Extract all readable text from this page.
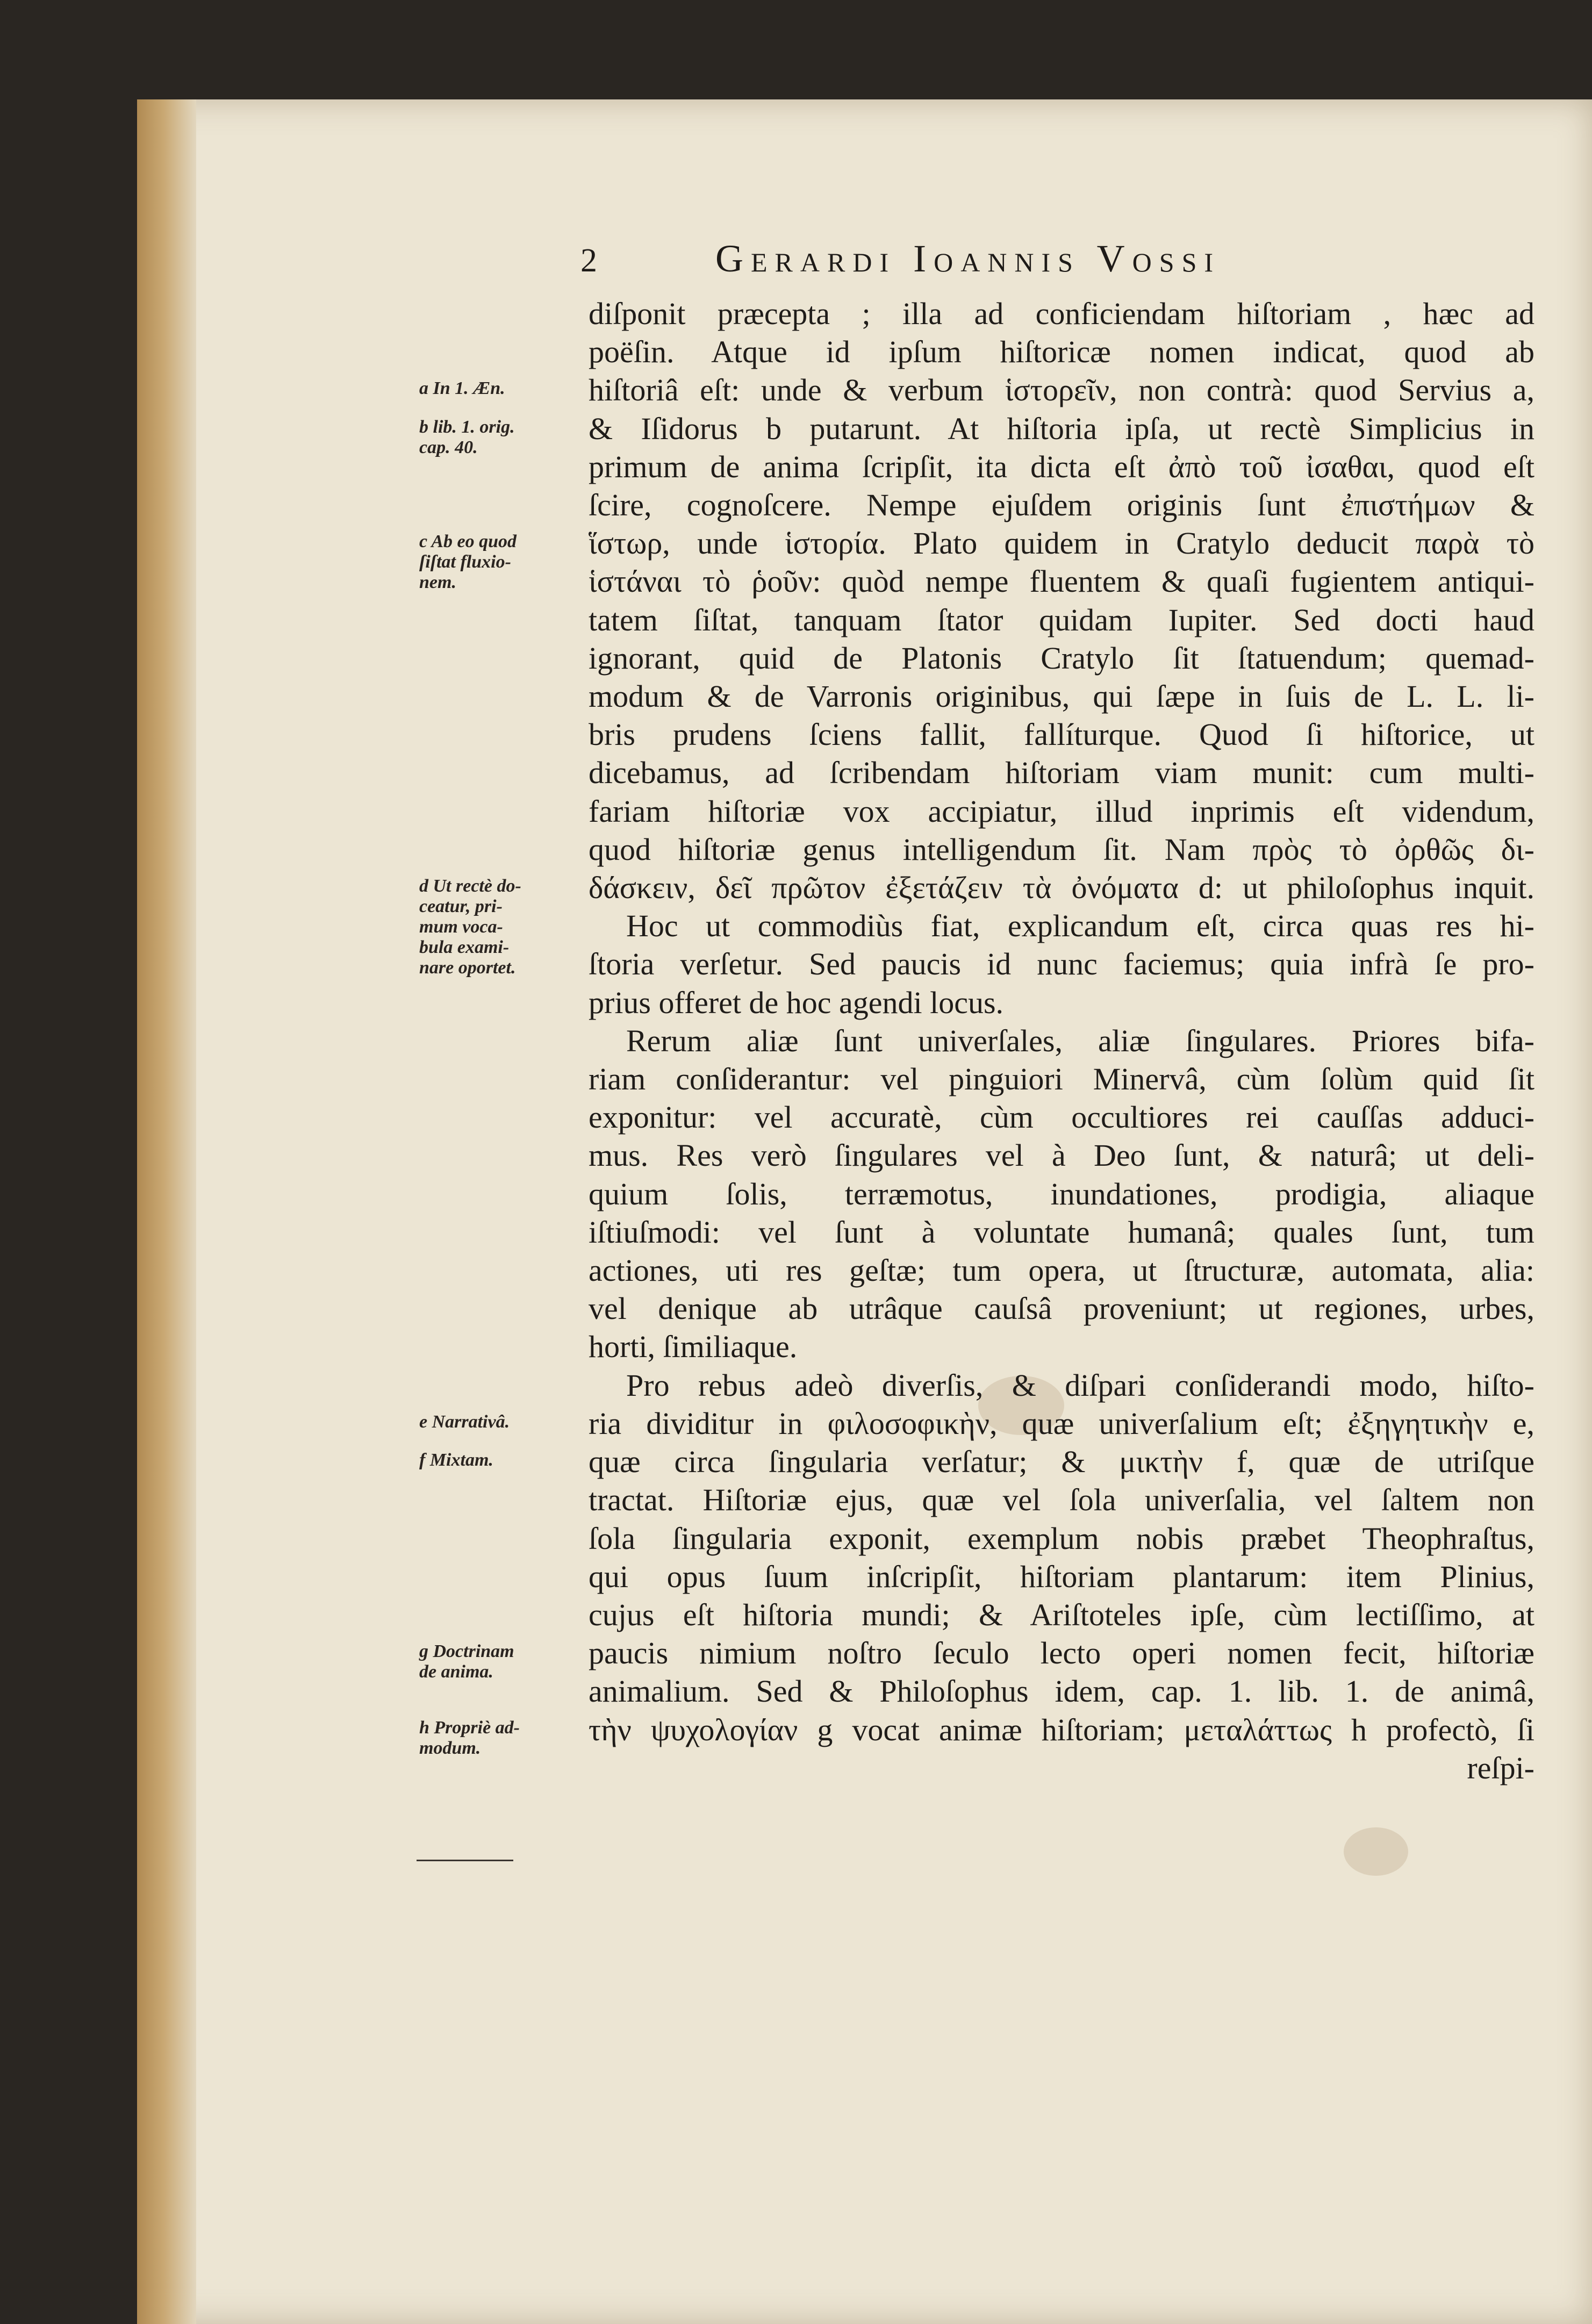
2	Gerardi Ioannis Vossi
a In 1. Æn.
b lib. 1. orig.
cap. 40.
c Ab eo quod
ſiſtat fluxio-
nem.
d Ut rectè do-
ceatur, pri-
mum voca-
bula exami-
nare oportet.
e Narrativâ.
f Mixtam.
g Doctrinam
de anima.
h Propriè ad-
modum.
diſponit præcepta ; illa ad conficiendam hiſtoriam , hæc ad
poëſin. Atque id ipſum hiſtoricæ nomen indicat, quod ab
hiſtoriâ eſt: unde & verbum ἱστορεῖν, non contrà: quod Servius a,
& Iſidorus b putarunt. At hiſtoria ipſa, ut rectè Simplicius in
primum de anima ſcripſit, ita dicta eſt ἀπὸ τοῦ ἰσαθαι, quod eſt
ſcire, cognoſcere. Nempe ejuſdem originis ſunt ἐπιστήμων &
ἵστωρ, unde ἱστορία. Plato quidem in Cratylo deducit παρὰ τὸ
ἱστάναι τὸ ῥοῦν: quòd nempe fluentem & quaſi fugientem antiqui-
tatem ſiſtat, tanquam ſtator quidam Iupiter. Sed docti haud
ignorant, quid de Platonis Cratylo ſit ſtatuendum; quemad-
modum & de Varronis originibus, qui ſæpe in ſuis de L. L. li-
bris prudens ſciens fallit, fallíturque. Quod ſi hiſtorice, ut
dicebamus, ad ſcribendam hiſtoriam viam munit: cum multi-
fariam hiſtoriæ vox accipiatur, illud inprimis eſt videndum,
quod hiſtoriæ genus intelligendum ſit. Nam πρὸς τὸ ὀρθῶς δι-
δάσκειν, δεῖ πρῶτον ἐξετάζειν τὰ ὀνόματα d: ut philoſophus inquit.
Hoc ut commodiùs fiat, explicandum eſt, circa quas res hi-
ſtoria verſetur. Sed paucis id nunc faciemus; quia infrà ſe pro-
prius offeret de hoc agendi locus.
Rerum aliæ ſunt univerſales, aliæ ſingulares. Priores bifa-
riam conſiderantur: vel pinguiori Minervâ, cùm ſolùm quid ſit
exponitur: vel accuratè, cùm occultiores rei cauſſas adduci-
mus. Res verò ſingulares vel à Deo ſunt, & naturâ; ut deli-
quium ſolis, terræmotus, inundationes, prodigia, aliaque
iſtiuſmodi: vel ſunt à voluntate humanâ; quales ſunt, tum
actiones, uti res geſtæ; tum opera, ut ſtructuræ, automata, alia:
vel denique ab utrâque cauſsâ proveniunt; ut regiones, urbes,
horti, ſimiliaque.
Pro rebus adeò diverſis, & diſpari conſiderandi modo, hiſto-
ria dividitur in φιλοσοφικὴν, quæ univerſalium eſt; ἐξηγητικὴν e,
quæ circa ſingularia verſatur; & μικτὴν f, quæ de utriſque
tractat. Hiſtoriæ ejus, quæ vel ſola univerſalia, vel ſaltem non
ſola ſingularia exponit, exemplum nobis præbet Theophraſtus,
qui opus ſuum inſcripſit, hiſtoriam plantarum: item Plinius,
cujus eſt hiſtoria mundi; & Ariſtoteles ipſe, cùm lectiſſimo, at
paucis nimium noſtro ſeculo lecto operi nomen fecit, hiſtoriæ
animalium. Sed & Philoſophus idem, cap. 1. lib. 1. de animâ,
τὴν ψυχολογίαν g vocat animæ hiſtoriam; μεταλάττως h profectò, ſi
reſpi-
